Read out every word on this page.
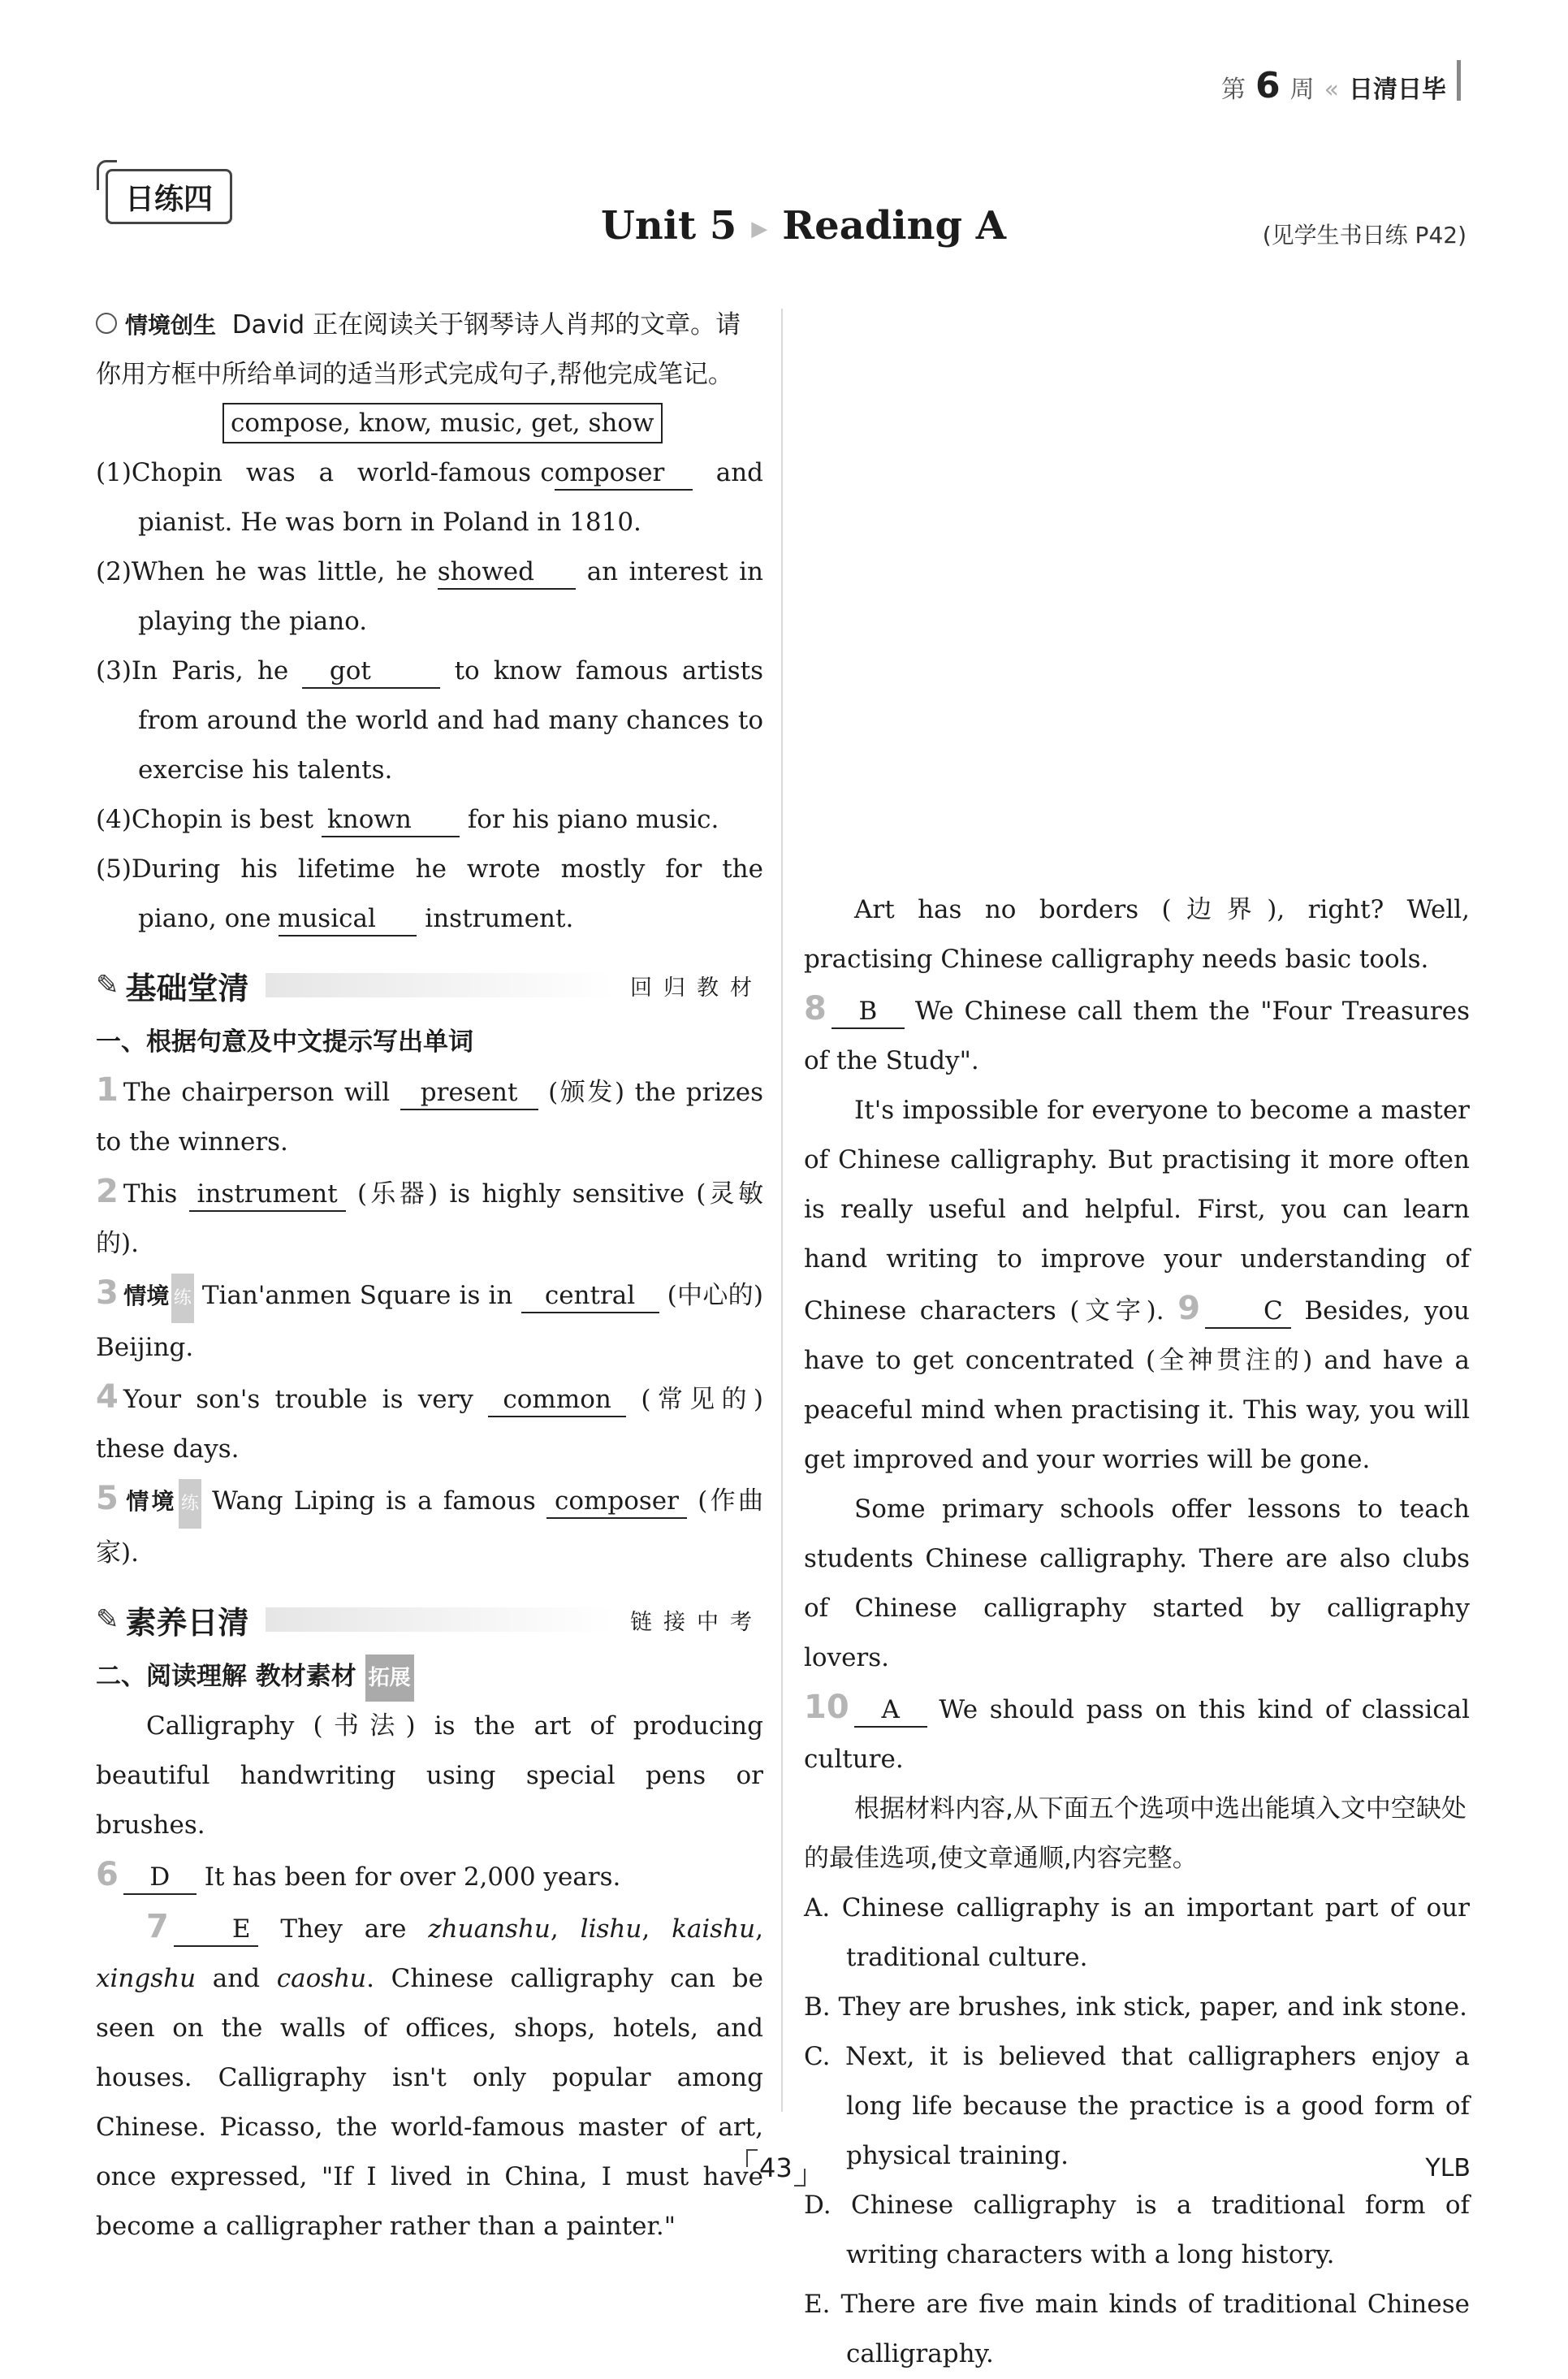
第 6 周 « 日清日毕
日练四
Unit 5 ▶ Reading A	(见学生书日练 P42)

情境创生 David 正在阅读关于钢琴诗人肖邦的文章。请你用方框中所给单词的适当形式完成句子,帮他完成笔记。

compose, know, music, get, show

(1)Chopin was a world-famous composer and pianist. He was born in Poland in 1810.

(2)When he was little, he showed an interest in playing the piano.

(3)In Paris, he got	to know famous artists from around the world and had many chances to exercise his talents.

(4)Chopin is best known for his piano music.

(5)During his lifetime he wrote mostly for the piano, one musical instrument.

✎ 基础堂清	回归教材
一、根据句意及中文提示写出单词

1 The chairperson will present (颁发) the prizes to the winners.

2 This instrument (乐器) is highly sensitive (灵敏的).

3 情境 练 Tian'anmen Square is in central (中心的) Beijing.

4 Your son's trouble is very common (常见的) these days.

5 情境 练 Wang Liping is a famous composer (作曲家).

✎ 素养日清	链接中考
二、阅读理解 教材素材 拓展

Calligraphy (书法) is the art of producing beautiful handwriting using special pens or brushes.

6 D It has been for over 2,000 years.

7	E They are zhuanshu, lishu, kaishu, xingshu and caoshu. Chinese calligraphy can be seen on the walls of offices, shops, hotels, and houses. Calligraphy isn't only popular among Chinese. Picasso, the world-famous master of art, once expressed, "If I lived in China, I must have become a calligrapher rather than a painter."

Art has no borders (边界), right? Well, practising Chinese calligraphy needs basic tools.

8 B We Chinese call them the "Four Treasures of the Study".

It's impossible for everyone to become a master of Chinese calligraphy. But practising it more often is really useful and helpful. First, you can learn hand writing to improve your understanding of Chinese characters (文字). 9	C Besides, you have to get concentrated (全神贯注的) and have a peaceful mind when practising it. This way, you will get improved and your worries will be gone.

Some primary schools offer lessons to teach students Chinese calligraphy. There are also clubs of Chinese calligraphy started by calligraphy lovers.

10 A We should pass on this kind of classical culture.

根据材料内容,从下面五个选项中选出能填入文中空缺处的最佳选项,使文章通顺,内容完整。

A. Chinese calligraphy is an important part of our traditional culture.

B. They are brushes, ink stick, paper, and ink stone.

C. Next, it is believed that calligraphers enjoy a long life because the practice is a good form of physical training.

D. Chinese calligraphy is a traditional form of writing characters with a long history.

E. There are five main kinds of traditional Chinese calligraphy.

43	YLB
